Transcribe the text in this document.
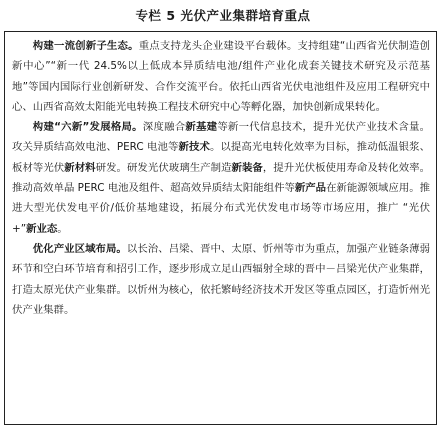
专栏 5 光伏产业集群培育重点

构建一流创新子生态。重点支持龙头企业建设平台载体。支持组建“山西省光伏制造创新中心”“新一代 24.5%以上低成本异质结电池/组件产业化成套关键技术研究及示范基地”等国内国际行业创新研发、合作交流平台。依托山西省光伏电池组件及应用工程研究中心、山西省高效太阳能光电转换工程技术研究中心等孵化器，加快创新成果转化。

构建“六新”发展格局。深度融合新基建等新一代信息技术，提升光伏产业技术含量。攻关异质结高效电池、PERC 电池等新技术。以提高光电转化效率为目标，推动低温银浆、板材等光伏新材料研发。研发光伏玻璃生产制造新装备，提升光伏板使用寿命及转化效率。推动高效单晶 PERC 电池及组件、超高效异质结太阳能组件等新产品在新能源领域应用。推进大型光伏发电平价/低价基地建设，拓展分布式光伏发电市场等市场应用，推广 “光伏+”新业态。

优化产业区域布局。以长治、吕梁、晋中、太原、忻州等市为重点，加强产业链条薄弱环节和空白环节培育和招引工作，逐步形成立足山西辐射全球的晋中－吕梁光伏产业集群，打造太原光伏产业集群。以忻州为核心，依托繁峙经济技术开发区等重点园区，打造忻州光伏产业集群。
